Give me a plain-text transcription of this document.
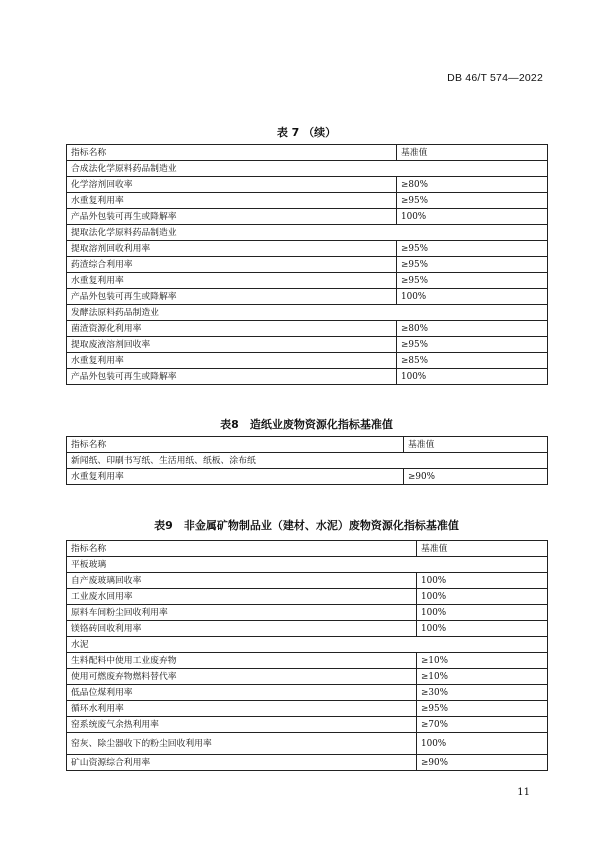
DB 46/T 574—2022
表 7 （续）
指标名称	基准值
合成法化学原料药品制造业	
化学溶剂回收率	≥80%
水重复利用率	≥95%
产品外包装可再生或降解率	100%
提取法化学原料药品制造业	
提取溶剂回收利用率	≥95%
药渣综合利用率	≥95%
水重复利用率	≥95%
产品外包装可再生或降解率	100%
发酵法原料药品制造业	
菌渣资源化利用率	≥80%
提取废液溶剂回收率	≥95%
水重复利用率	≥85%
产品外包装可再生或降解率	100%
表8　造纸业废物资源化指标基准值
指标名称	基准值
新闻纸、印刷书写纸、生活用纸、纸板、涂布纸	
水重复利用率	≥90%
表9　非金属矿物制品业（建材、水泥）废物资源化指标基准值
指标名称	基准值
平板玻璃	
自产废玻璃回收率	100%
工业废水回用率	100%
原料车间粉尘回收利用率	100%
镁铬砖回收利用率	100%
水泥	
生料配料中使用工业废弃物	≥10%
使用可燃废弃物燃料替代率	≥10%
低品位煤利用率	≥30%
循环水利用率	≥95%
窑系统废气余热利用率	≥70%
窑灰、除尘器收下的粉尘回收利用率	100%
矿山资源综合利用率	≥90%
11
